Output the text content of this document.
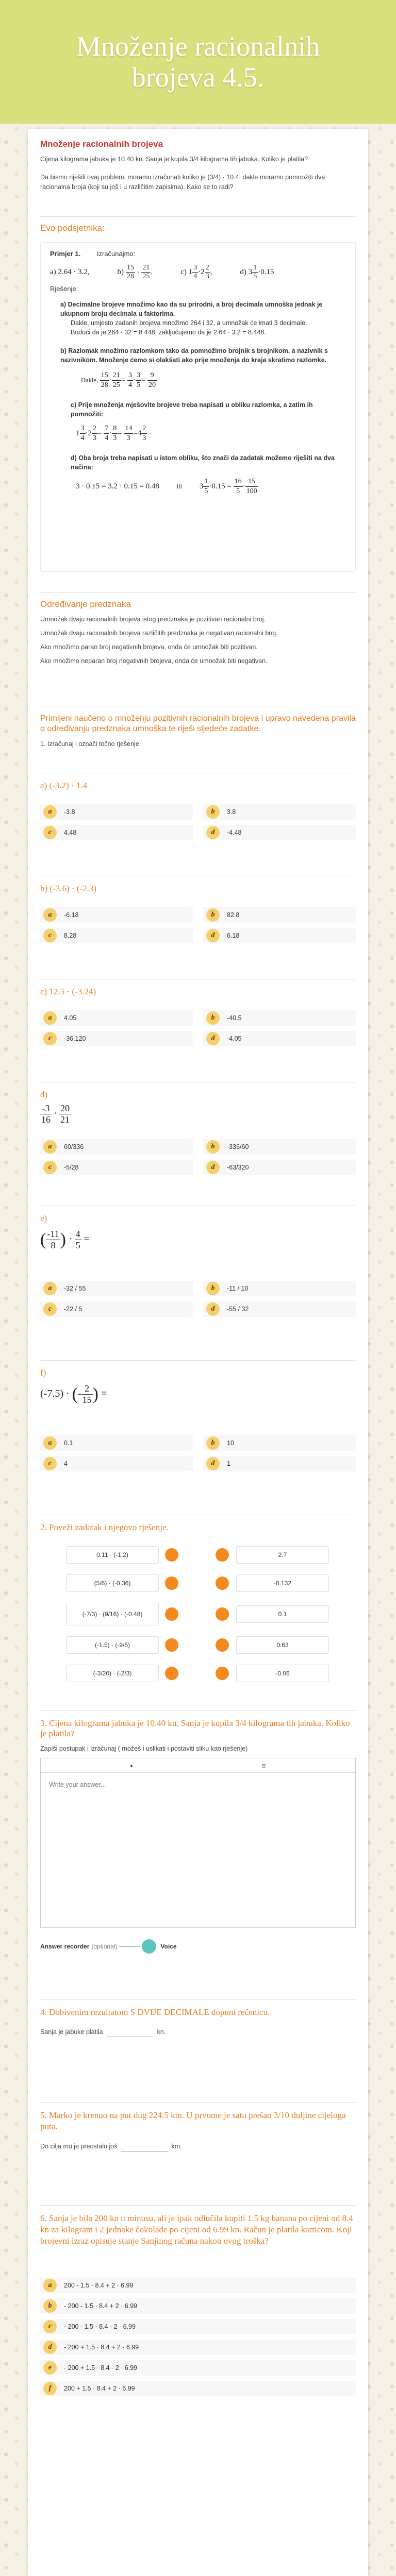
Množenje racionalnih
brojeva 4.5.
Množenje racionalnih brojeva

Cijena kilograma jabuka je 10.40 kn. Sanja je kupila 3/4 kilograma tih jabuka. Koliko je platila?

Da bismo riješili ovaj problem, moramo izračunati koliko je (3/4) · 10.4, dakle moramo pomnožiti dva racionalna broja (koji su još i u različitim zapisima). Kako se to radi?

Evo podsjetnika:
Primjer 1. Izračunajmo:
a) 2.64 · 3.2,	b) 15
28 · 21
25,	c) 13
4·22
3,	d) 31
5·0.15
Rješenje:
a) Decimalne brojeve množimo kao da su prirodni, a broj decimala umnoška jednak je ukupnom broju decimala u faktorima.
Dakle, umjesto zadanih brojeva množimo 264 i 32, a umnožak će imati 3 decimale.
Budući da je 264 · 32 = 8 448, zaključujemo da je 2.64 · 3.2 = 8.448.
b) Razlomak množimo razlomkom tako da pomnožimo brojnik s brojnikom, a nazivnik s nazivnikom. Množenje ćemo si olakšati ako prije množenja do kraja skratimo razlomke.
Dakle, 15
28·21
25= 3
4·3
5= 9
20
c) Prije množenja mješovite brojeve treba napisati u obliku razlomka, a zatim ih pomnožiti:
13
4·22
3= 7
4·8
3= 14
3=42
3
d) Oba broja treba napisati u istom obliku, što znači da zadatak možemo riješiti na dva načina:
3 · 0.15 = 3.2 · 0.15 = 0.48	ili 31
5·0.15 = 16
5·15
100
Određivanje predznaka

Umnožak dvaju racionalnih brojeva istog predznaka je pozitivan racionalni broj.

Umnožak dvaju racionalnih brojeva različitih predznaka je negativan racionalni broj.

Ako množimo paran broj negativnih brojeva, onda će umnožak biti pozitivan.

Ako množimo neparan broj negativnih brojeva, onda će umnožak biti negativan.

Primijeni naučeno o množenju pozitivnih racionalnih brojeva i upravo navedena pravila o određivanju predznaka umnoška te riješi sljedeće zadatke.

1. Izračunaj i označi točno rješenje.

a) (-3.2) · 1.4

a	-3.8	b	3.8
c	4.48	d	-4.48

b) (-3.6) · (-2.3)

a	-6.18	b	82.8
c	8.28	d	6.18

c) 12.5 · (-3.24)

a	4.05	b	-40.5
c	-36.120	d	-4.05

d)

-3
16 · 20
21
a	60/336	b	-336/60
c	-5/28	d	-63/320

e)

( -11
8 ) · 4
5 =
a	-32 / 55	b	-11 / 10
c	-22 / 5	d	-55 / 32

f)

(-7.5) · (- 2
15 ) =
a	0.1	b	10
c	4	d	1

2. Poveži zadatak i njegovo rješenje.

0.11 · (-1.2)	2.7
(5/6) · (-0.36)	-0.132
(-7/3) · (9/16) · (-0.48)	0.1
(-1.5) · (-9/5)	0.63
(-3/20) · (-2/3)	-0.06

3. Cijena kilograma jabuka je 10.40 kn. Sanja je kupila 3/4 kilograma tih jabuka. Koliko je platila?

Zapiši postupak i izračunaj ( možeš i uslikati i postaviti sliku kao rješenje)

•	≡
Write your answer...
Answer recorder (optional)	Voice

4. Dobivenim rezultatom S DVIJE DECIMALE dopuni rečenicu.

Sanja je jabuke platila	kn.

5. Marko je krenuo na put dug 224.5 km. U prvome je satu prešao 3/10 duljine cijeloga puta.

Do cilja mu je preostalo još	km.

6. Sanja je bila 200 kn u minusu, ali je ipak odlučila kupiti 1.5 kg banana po cijeni od 8.4 kn za kilogram i 2 jednake čokolade po cijeni od 6.99 kn. Račun je platila karticom. Koji brojevni izraz opisuje stanje Sanjinog računa nakon ovog troška?

a	200 - 1.5 · 8.4 + 2 · 6.99
b	- 200 - 1.5 · 8.4 + 2 · 6.99
c	- 200 - 1.5 · 8.4 - 2 · 6.99
d	- 200 + 1.5 · 8.4 + 2 · 6.99
e	- 200 + 1.5 · 8.4 - 2 · 6.99
f	200 + 1.5 · 8.4 + 2 · 6.99
